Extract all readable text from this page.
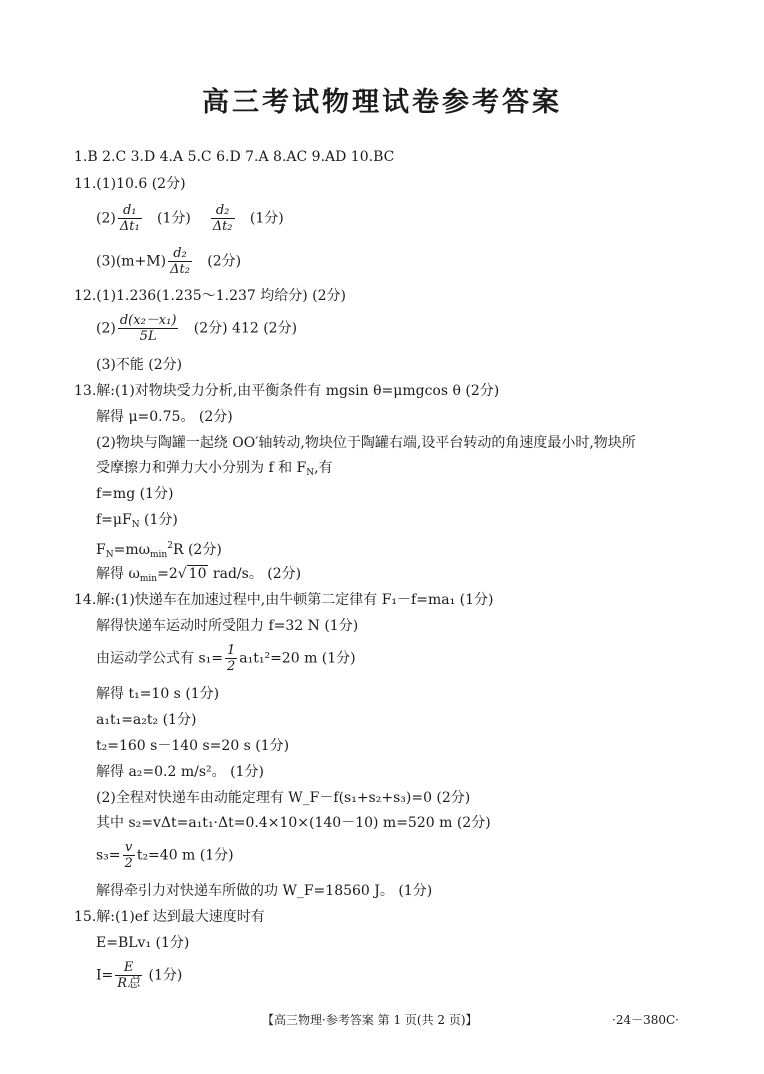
高三考试物理试卷参考答案
1.B 2.C 3.D 4.A 5.C 6.D 7.A 8.AC 9.AD 10.BC
11.(1)10.6 (2分)
$(2) \frac{\text{d₁}}{\text{Δt₁}} (1$分) $\frac{\text{d₂}}{\text{Δt₂}} (1$分)
$(3)(m+M) \frac{\text{d₂}}{\text{Δt₂}} (2$分)
12.(1)1.236(1.235～1.237 均给分) (2分)
$(2) \frac{\text{d(x₂－x₁)}}{5L} (2$分) 412 (2分)
(3)不能 (2分)
13.解:(1)对物块受力分析,由平衡条件有 mgsin θ=μmgcos θ (2分)
解得 μ=0.75。 (2分)
(2)物块与陶罐一起绕 OO′轴转动,物块位于陶罐右端,设平台转动的角速度最小时,物块所
受摩擦力和弹力大小分别为 f 和 $F_N$,有
f=mg (1分)
$f=\mu F_N$ (1分)
$F_N=m\omega_{min}^2R$ (2分)
解得 $\omega_{min}=2√$ 10 rad/s。 (2分)
14.解:(1)快递车在加速过程中,由牛顿第二定律有 F₁－f=ma₁ (1分)
解得快递车运动时所受阻力 f=32 N (1分)
由运动学公式有 $s_1= \frac{1}{2} a_1t_1^2=20$ m (1分)
解得 t₁=10 s (1分)
a₁t₁=a₂t₂ (1分)
t₂=160 s－140 s=20 s (1分)
解得 a₂=0.2 m/s²。 (1分)
(2)全程对快递车由动能定理有 W_F－f(s₁+s₂+s₃)=0 (2分)
其中 s₂=vΔt=a₁t₁·Δt=0.4×10×(140－10) m=520 m (2分)
$s_3= \frac{v}{2} t_2=40$ m (1分)
解得牵引力对快递车所做的功 W_F=18560 J。 (1分)
15.解:(1)ef 达到最大速度时有
E=BLv₁ (1分)
$I= \frac{E}{\text{R总}} (1$分)
【高三物理·参考答案 第 1 页(共 2 页)】	·24－380C·
